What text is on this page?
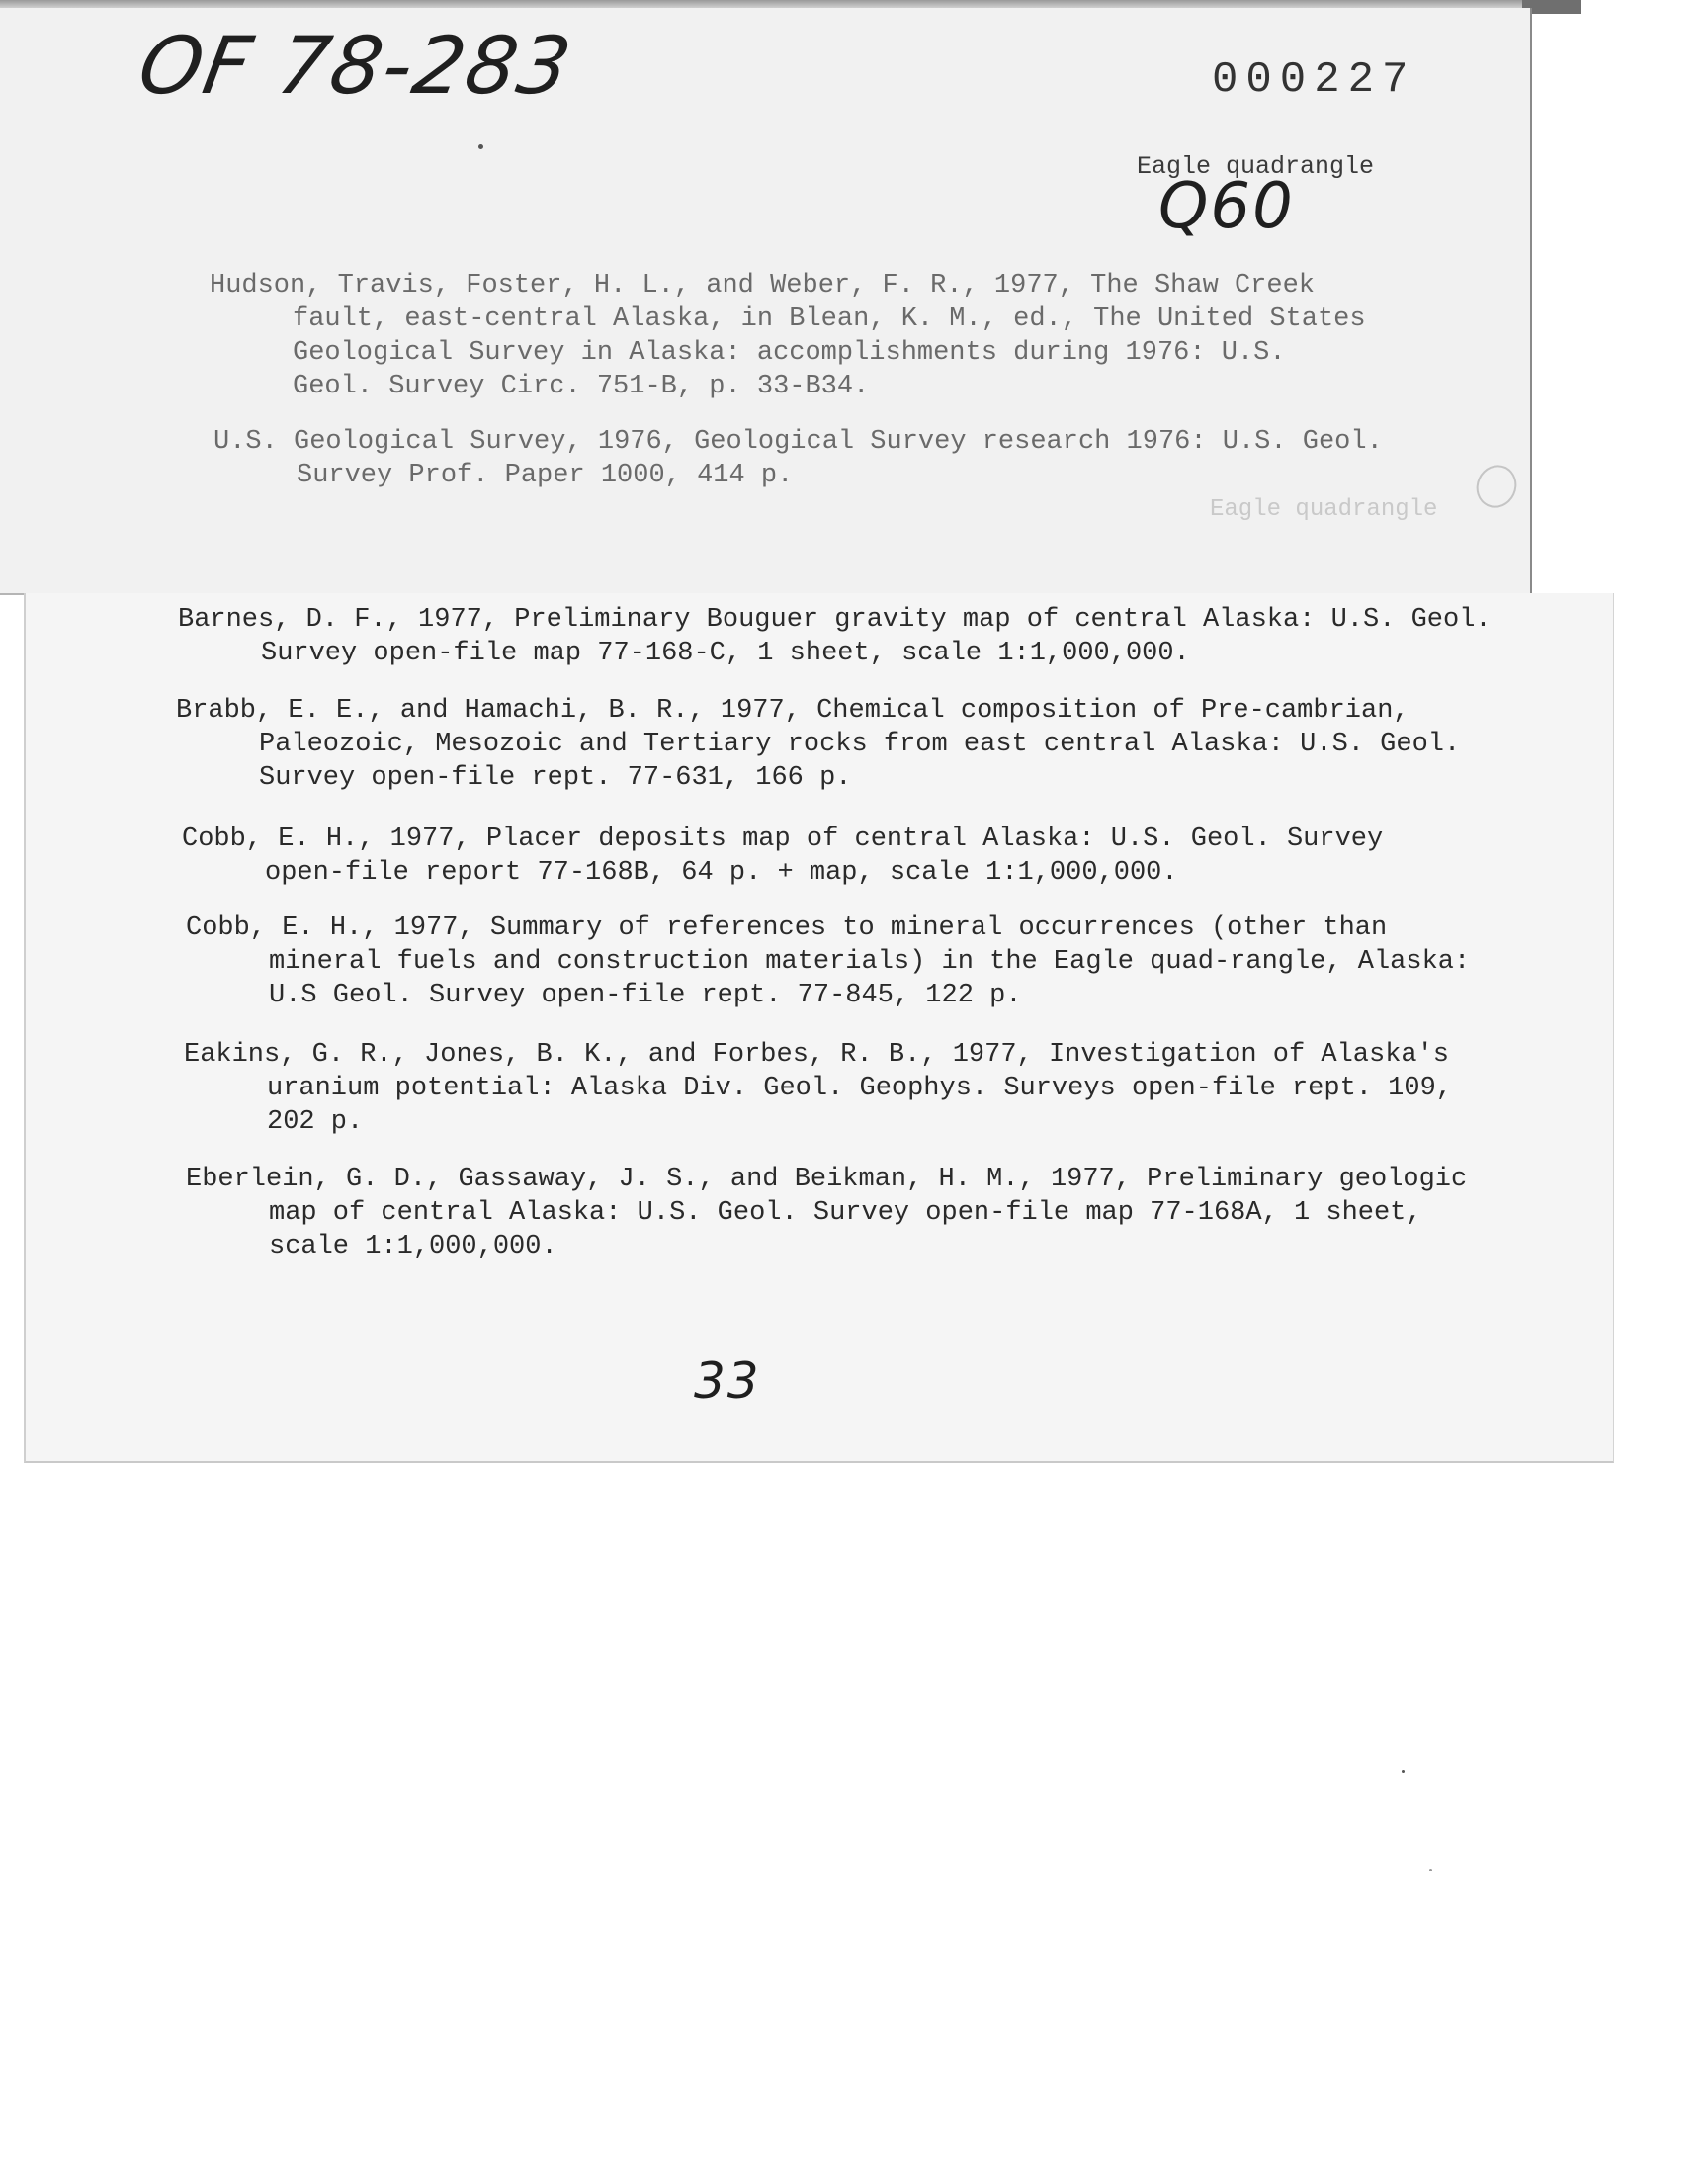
OF 78-283	000227
Eagle quadrangle
Q60

Hudson, Travis, Foster, H. L., and Weber, F. R., 1977, The Shaw Creek fault, east-central Alaska, in Blean, K. M., ed., The United States Geological Survey in Alaska: accomplishments during 1976: U.S. Geol. Survey Circ. 751-B, p. 33-B34.

U.S. Geological Survey, 1976, Geological Survey research 1976: U.S. Geol. Survey Prof. Paper 1000, 414 p.

Eagle quadrangle

Barnes, D. F., 1977, Preliminary Bouguer gravity map of central Alaska: U.S. Geol. Survey open-file map 77-168-C, 1 sheet, scale 1:1,000,000.

Brabb, E. E., and Hamachi, B. R., 1977, Chemical composition of Pre-cambrian, Paleozoic, Mesozoic and Tertiary rocks from east central Alaska: U.S. Geol. Survey open-file rept. 77-631, 166 p.

Cobb, E. H., 1977, Placer deposits map of central Alaska: U.S. Geol. Survey open-file report 77-168B, 64 p. + map, scale 1:1,000,000.

Cobb, E. H., 1977, Summary of references to mineral occurrences (other than mineral fuels and construction materials) in the Eagle quad-rangle, Alaska: U.S Geol. Survey open-file rept. 77-845, 122 p.

Eakins, G. R., Jones, B. K., and Forbes, R. B., 1977, Investigation of Alaska's uranium potential: Alaska Div. Geol. Geophys. Surveys open-file rept. 109, 202 p.

Eberlein, G. D., Gassaway, J. S., and Beikman, H. M., 1977, Preliminary geologic map of central Alaska: U.S. Geol. Survey open-file map 77-168A, 1 sheet, scale 1:1,000,000.

33
